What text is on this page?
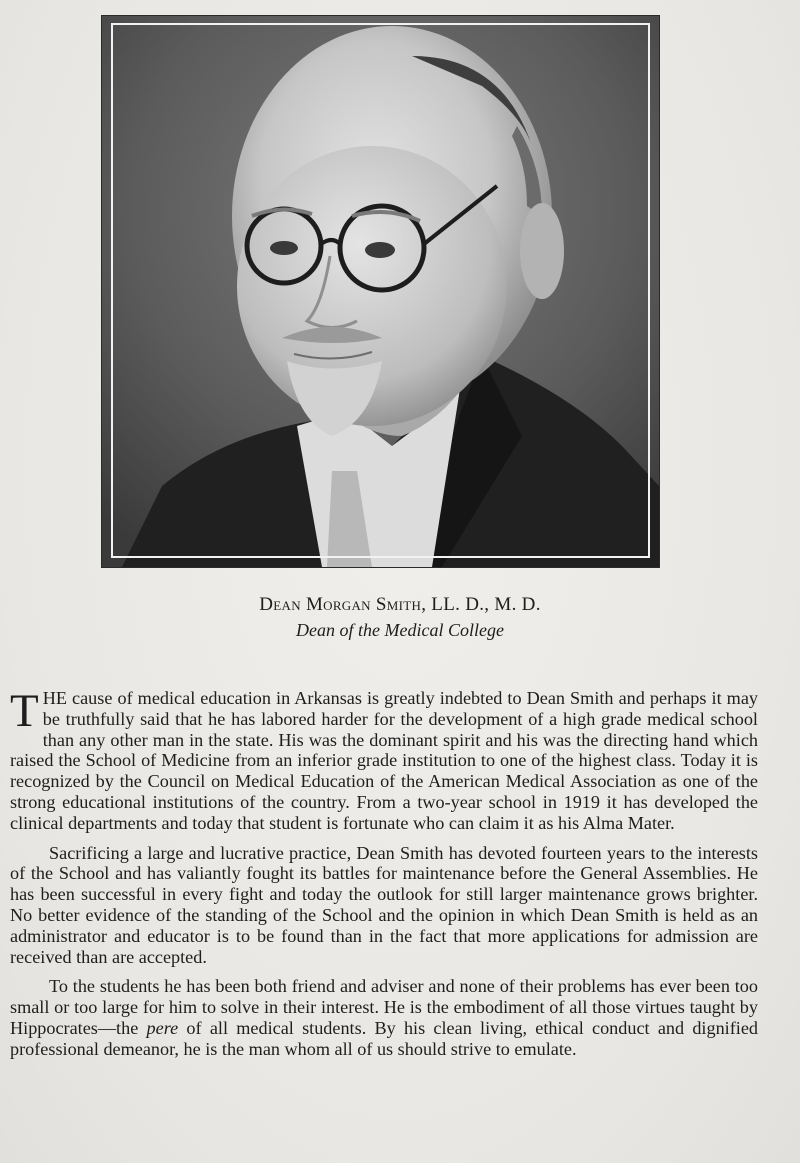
Dean Morgan Smith, LL. D., M. D.
Dean of the Medical College

THE cause of medical education in Arkansas is greatly indebted to Dean Smith and perhaps it may be truthfully said that he has labored harder for the development of a high grade medical school than any other man in the state. His was the dominant spirit and his was the directing hand which raised the School of Medicine from an inferior grade institution to one of the highest class. Today it is recognized by the Council on Medical Education of the American Medical Association as one of the strong educational institutions of the country. From a two-year school in 1919 it has developed the clinical departments and today that student is fortunate who can claim it as his Alma Mater.

Sacrificing a large and lucrative practice, Dean Smith has devoted fourteen years to the interests of the School and has valiantly fought its battles for maintenance before the General Assemblies. He has been successful in every fight and today the outlook for still larger maintenance grows brighter. No better evidence of the standing of the School and the opinion in which Dean Smith is held as an administrator and educator is to be found than in the fact that more applications for admission are received than are accepted.

To the students he has been both friend and adviser and none of their problems has ever been too small or too large for him to solve in their interest. He is the embodiment of all those virtues taught by Hippocrates—the pere of all medical students. By his clean living, ethical conduct and dignified professional demeanor, he is the man whom all of us should strive to emulate.
